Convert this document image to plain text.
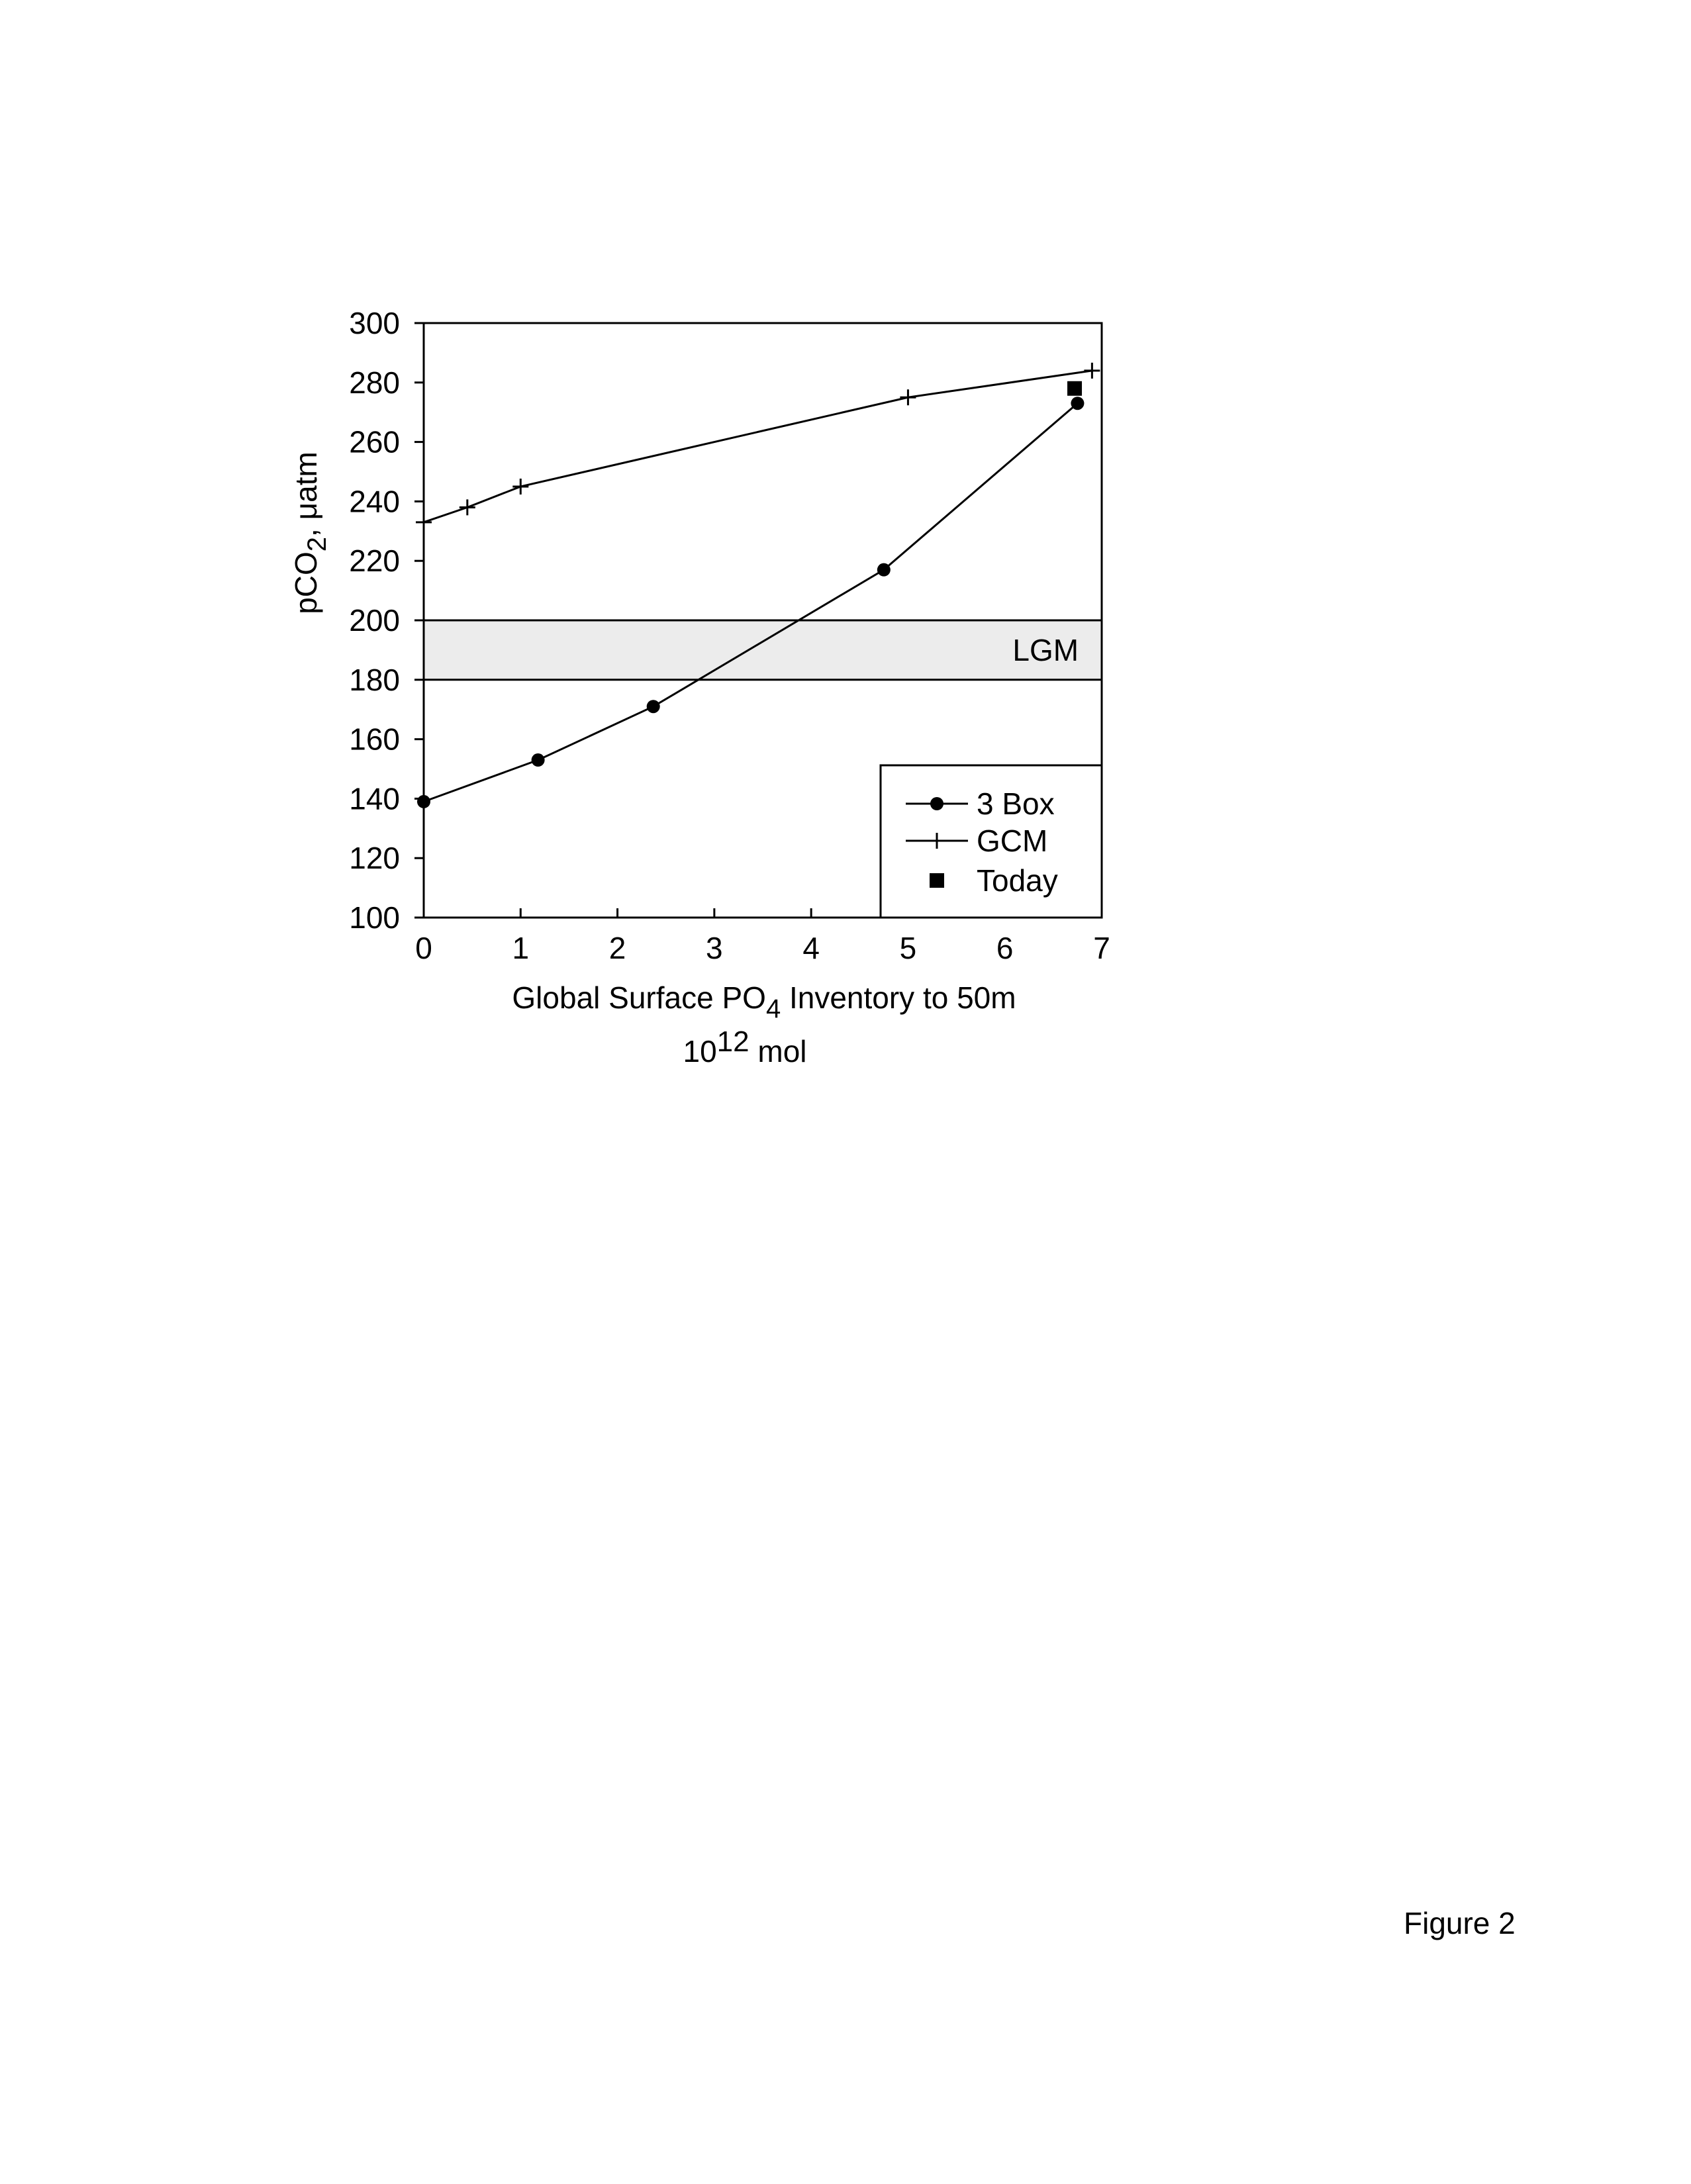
LGM
0	1	2	3	4	5	6	7
100
120
140
160
180
200
220
240
260
280
300
3 Box
GCM
Today
pCO2, μatm
Global Surface PO4 Inventory to 50m
1012 mol
Figure 2
